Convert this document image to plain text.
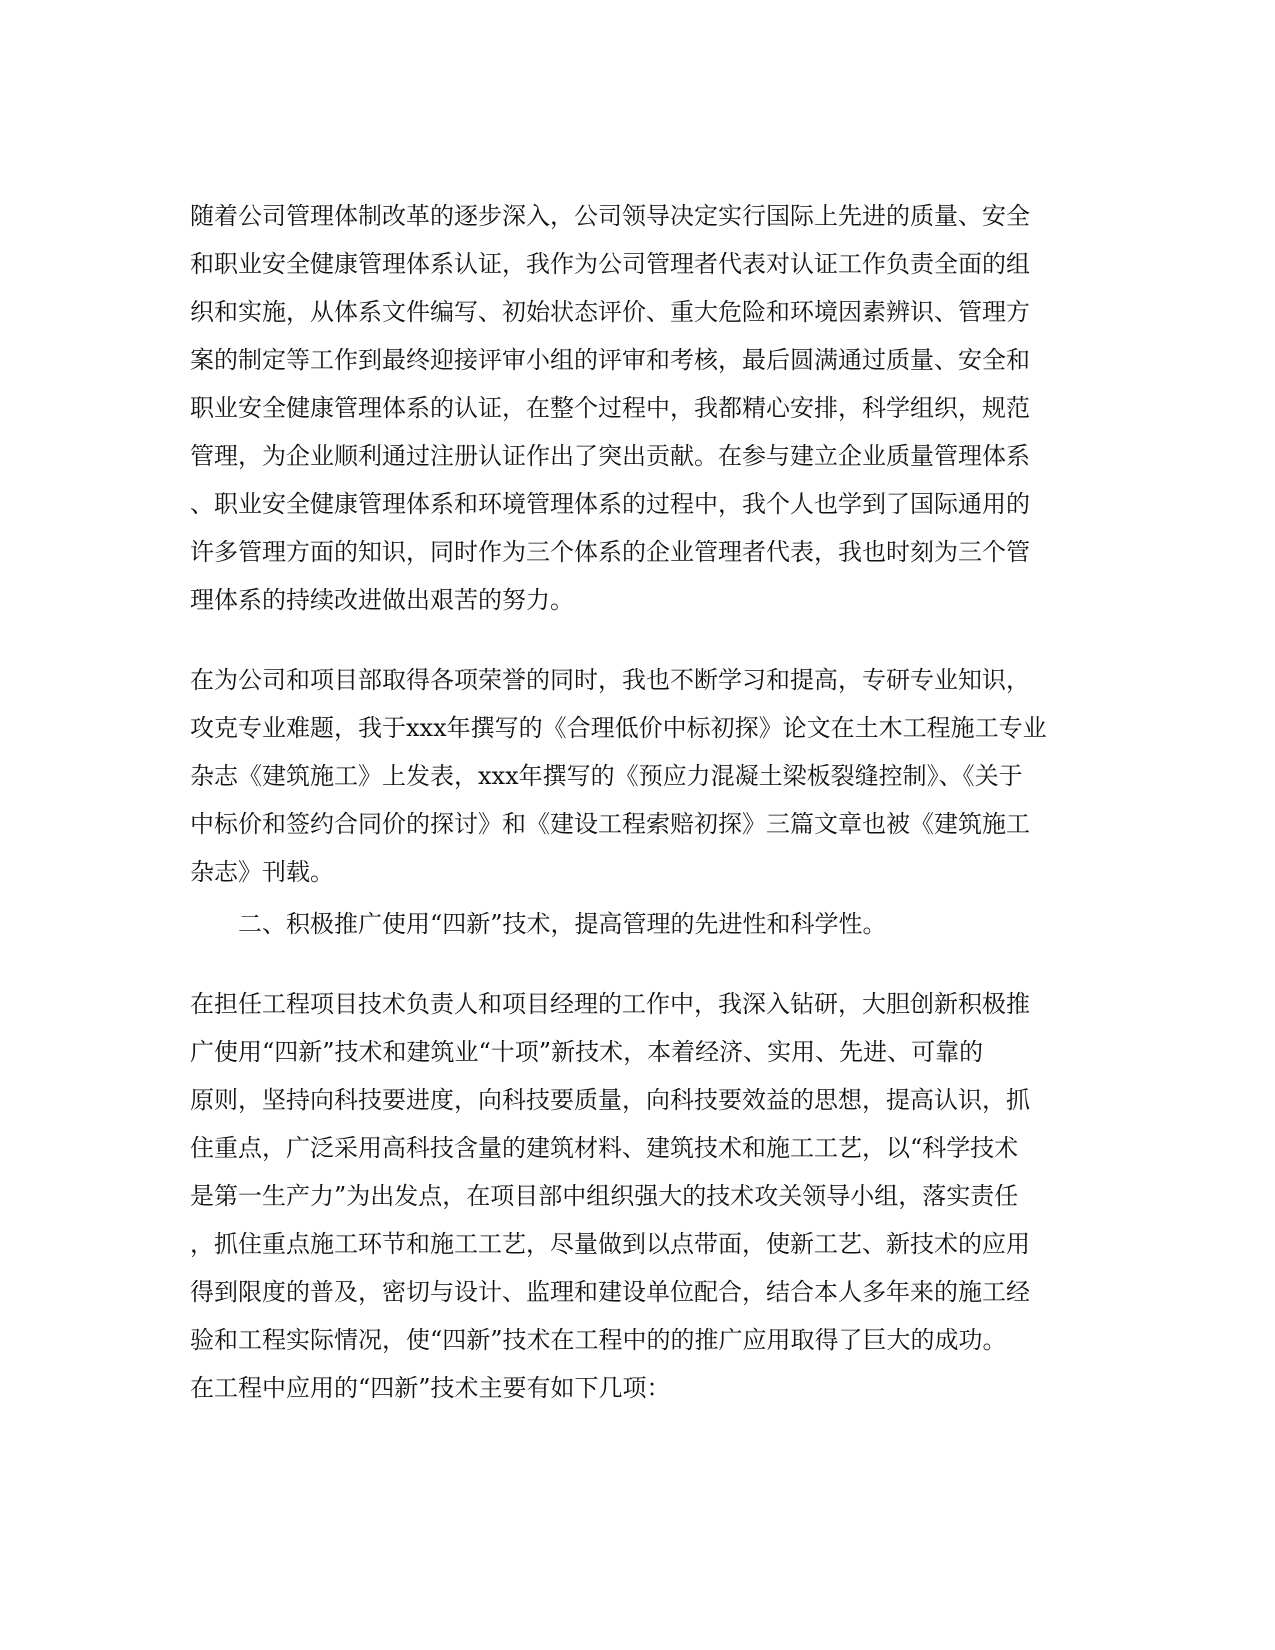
随着公司管理体制改革的逐步深入，公司领导决定实行国际上先进的质量、安全
和职业安全健康管理体系认证，我作为公司管理者代表对认证工作负责全面的组
织和实施，从体系文件编写、初始状态评价、重大危险和环境因素辨识、管理方
案的制定等工作到最终迎接评审小组的评审和考核，最后圆满通过质量、安全和
职业安全健康管理体系的认证，在整个过程中，我都精心安排，科学组织，规范
管理，为企业顺利通过注册认证作出了突出贡献。在参与建立企业质量管理体系
、职业安全健康管理体系和环境管理体系的过程中，我个人也学到了国际通用的
许多管理方面的知识，同时作为三个体系的企业管理者代表，我也时刻为三个管
理体系的持续改进做出艰苦的努力。
在为公司和项目部取得各项荣誉的同时，我也不断学习和提高，专研专业知识，
攻克专业难题，我于xxx年撰写的《合理低价中标初探》论文在土木工程施工专业
杂志《建筑施工》上发表，xxx年撰写的《预应力混凝土梁板裂缝控制》、《关于
中标价和签约合同价的探讨》和《建设工程索赔初探》三篇文章也被《建筑施工
杂志》刊载。
二、积极推广使用“四新”技术，提高管理的先进性和科学性。
在担任工程项目技术负责人和项目经理的工作中，我深入钻研，大胆创新积极推
广使用“四新”技术和建筑业“十项”新技术，本着经济、实用、先进、可靠的
原则，坚持向科技要进度，向科技要质量，向科技要效益的思想，提高认识，抓
住重点，广泛采用高科技含量的建筑材料、建筑技术和施工工艺，以“科学技术
是第一生产力”为出发点，在项目部中组织强大的技术攻关领导小组，落实责任
，抓住重点施工环节和施工工艺，尽量做到以点带面，使新工艺、新技术的应用
得到限度的普及，密切与设计、监理和建设单位配合，结合本人多年来的施工经
验和工程实际情况，使“四新”技术在工程中的的推广应用取得了巨大的成功。
在工程中应用的“四新”技术主要有如下几项：
